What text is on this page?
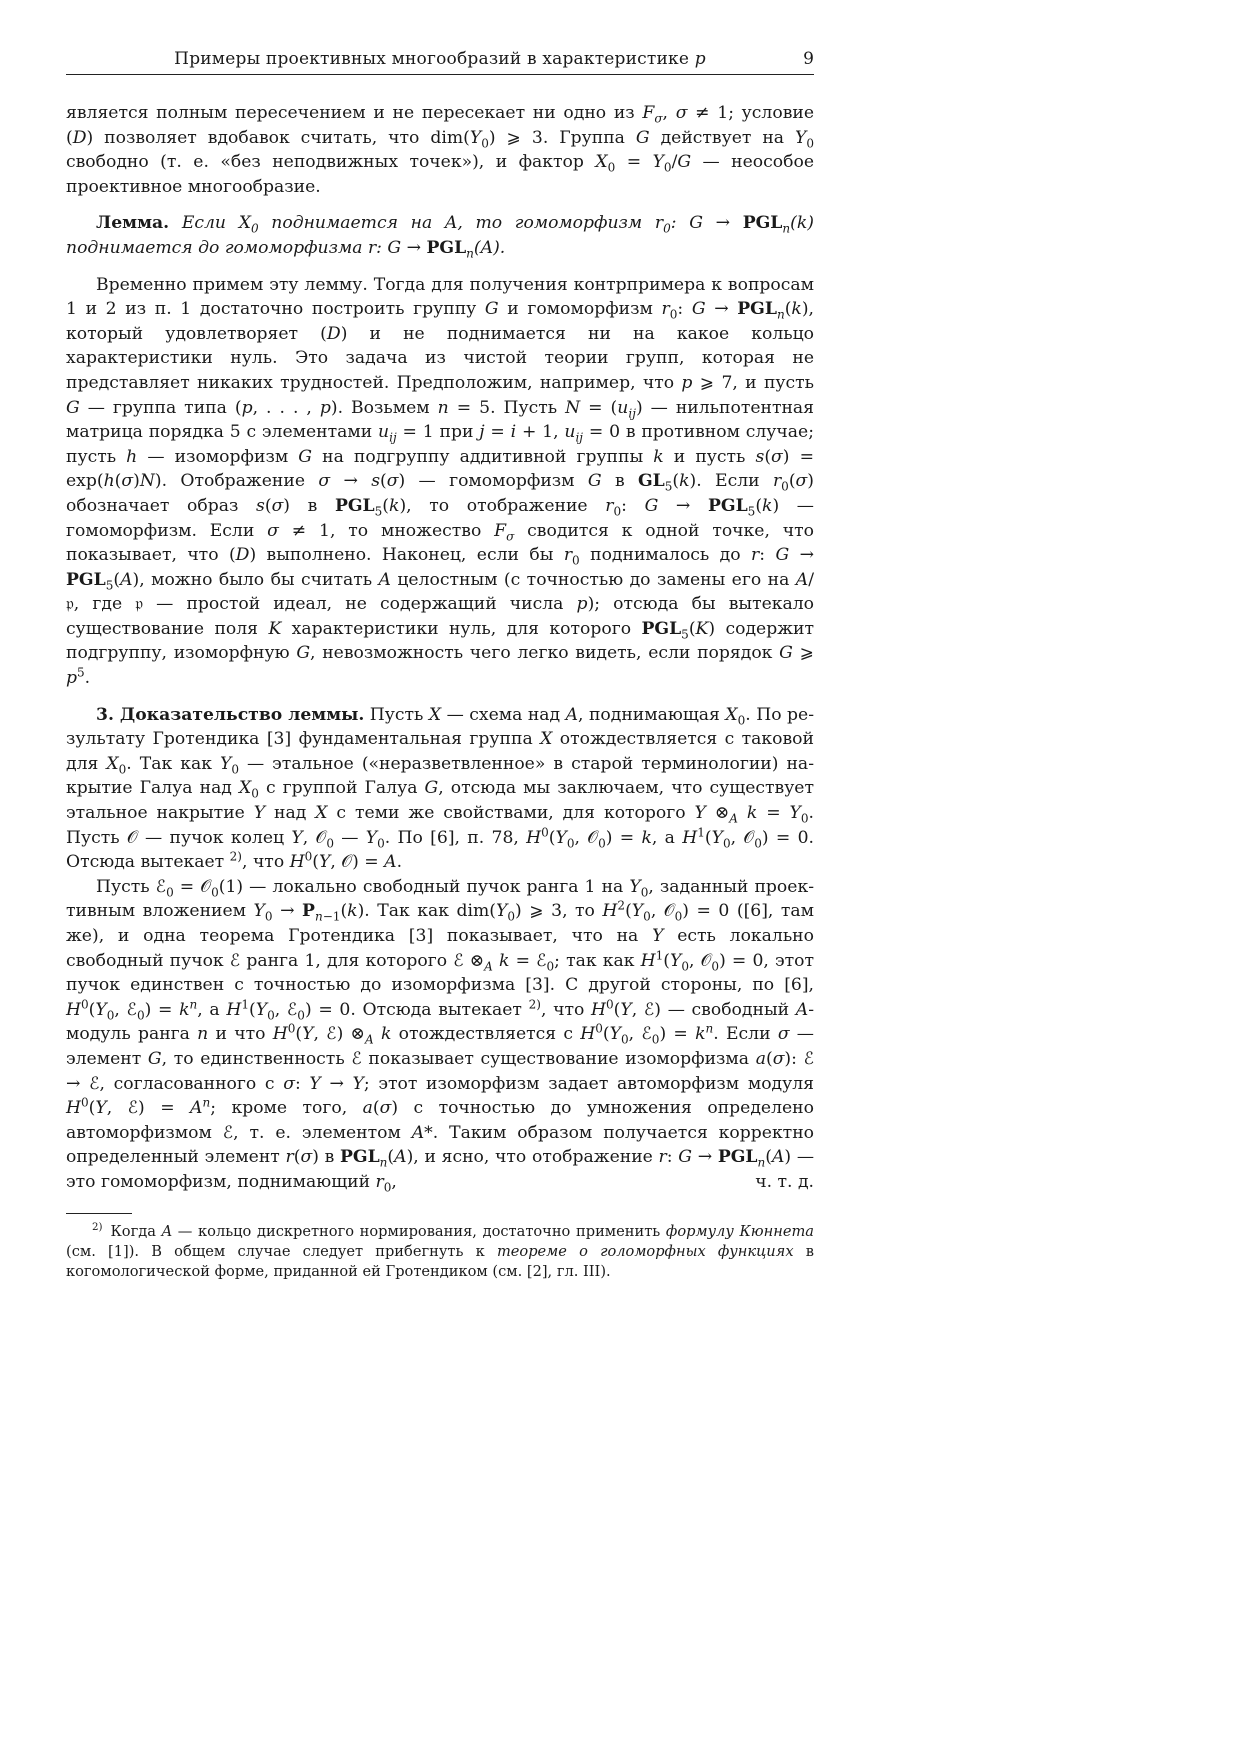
Примеры проективных многообразий в характеристике p	9

является полным пересечением и не пересекает ни одно из $F_\sigma$, σ ≠ 1; условие (D) позволяет вдобавок считать, что $dim(Y_0)$ ⩾ 3. Группа G действует на $Y_0$ свободно (т. е. «без неподвижных точек»), и фактор $X_0 = Y_0/G$ — неособое проективное многообразие.

Лемма. Если $X_0$ поднимается на A, то гомоморфизм $r_0$: $G \to PGL_n(k)$ поднимается до гомоморфизма r: $G \to PGL_n(A)$.

Временно примем эту лемму. Тогда для получения контрпримера к вопросам 1 и 2 из п. 1 достаточно построить группу G и гомоморфизм $r_0$: $G \to PGL_n(k)$, который удовлетворяет (D) и не поднимается ни на какое кольцо характеристики нуль. Это задача из чистой теории групп, которая не представляет никаких трудностей. Предположим, например, что p ⩾ 7, и пусть G — группа типа (p, . . . , p). Возьмем n = 5. Пусть $N = (u_{ij})$ — нильпотентная матрица порядка 5 с элементами $u_{ij} = 1$ при j = i + 1, $u_{ij} = 0$ в противном случае; пусть h — изоморфизм G на подгруппу аддитивной группы k и пусть s(σ) = exp(h(σ)N). Отображение σ → s(σ) — гомоморфизм G в $GL_5(k)$. Если $r_0(\sigma)$ обозначает образ s(σ) в $PGL_5(k)$, то отображение $r_0$: $G \to PGL_5(k)$ — гомоморфизм. Если σ ≠ 1, то множество $F_\sigma$ сводится к одной точке, что показывает, что (D) выполнено. Наконец, если бы $r_0$ поднималось до r: $G \to PGL_5(A)$, можно было бы считать A целостным (с точностью до замены его на A/𝔭, где 𝔭 — простой идеал, не содержащий числа p); отсюда бы вытекало существование поля K характеристики нуль, для которого $PGL_5(K)$ содержит подгруппу, изоморфную G, невозможность чего легко видеть, если порядок G ⩾ $p^5$.

3. Доказательство леммы. Пусть X — схема над A, поднимающая $X_0$. По результату Гротендика [3] фундаментальная группа X отождествляется с таковой для $X_0$. Так как $Y_0$ — этальное («неразветвленное» в старой терминологии) накрытие Галуа над $X_0$ с группой Галуа G, отсюда мы заключаем, что существует этальное накрытие Y над X с теми же свойствами, для которого Y $\otimes_A$ $k = Y_0$. Пусть 𝒪 — пучок колец Y, 𝒪$_0$ — $Y_0$. По [6], п. 78, $H^0(Y_0$, 𝒪$_0$) = k, а $H^1(Y_0$, 𝒪$_0$) = 0. Отсюда вытекает $^{2)}$, что $H^0(Y$, 𝒪) = A.

Пусть ℰ$_0$ = 𝒪$_0$(1) — локально свободный пучок ранга 1 на $Y_0$, заданный проективным вложением $Y_0 \to P_{n-1}(k)$. Так как $dim(Y_0)$ ⩾ 3, то $H^2(Y_0$, 𝒪$_0$) = 0 ([6], там же), и одна теорема Гротендика [3] показывает, что на Y есть локально свободный пучок ℰ ранга 1, для которого ℰ $\otimes_A$ k = ℰ$_0$; так как $H^1(Y_0$, 𝒪$_0$) = 0, этот пучок единствен с точностью до изоморфизма [3]. С другой стороны, по [6], $H^0(Y_0$, ℰ$_0$) = $k^n$, а $H^1(Y_0$, ℰ$_0$) = 0. Отсюда вытекает $^{2)}$, что $H^0(Y$, ℰ) — свободный A-модуль ранга n и что $H^0(Y$, ℰ) $\otimes_A$ k отождествляется с $H^0(Y_0$, ℰ$_0$) = $k^n$. Если σ — элемент G, то единственность ℰ показывает существование изоморфизма a(σ): ℰ → ℰ, согласованного с σ: Y → Y; этот изоморфизм задает автоморфизм модуля $H^0(Y$, ℰ) = $A^n$; кроме того, a(σ) с точностью до умножения определено автоморфизмом ℰ, т. е. элементом A*. Таким образом получается корректно определенный элемент r(σ) в $PGL_n(A)$, и ясно, что отображение r: $G \to PGL_n(A)$ — это гомоморфизм, поднимающий $r_0$,	ч. т. д.

$^{2)}$ Когда A — кольцо дискретного нормирования, достаточно применить формулу Кюннета (см. [1]). В общем случае следует прибегнуть к теореме о голоморфных функциях в когомологической форме, приданной ей Гротендиком (см. [2], гл. III).
